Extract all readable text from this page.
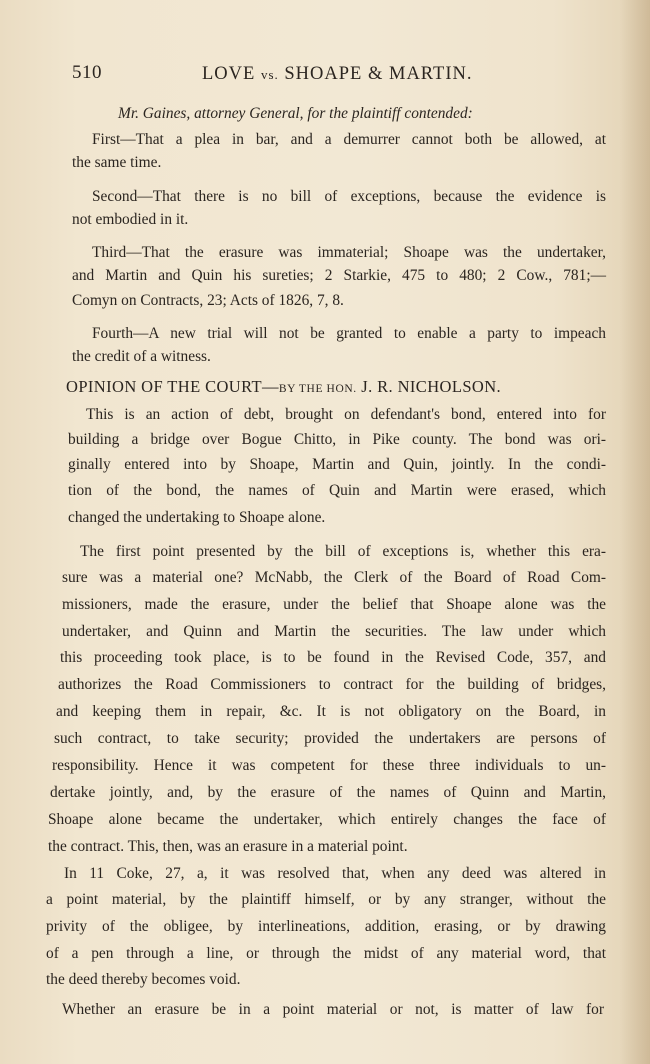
510	LOVE vs. SHOAPE & MARTIN.
Mr. Gaines, attorney General, for the plaintiff contended:
First—That a plea in bar, and a demurrer cannot both be allowed, at
the same time.
Second—That there is no bill of exceptions, because the evidence is
not embodied in it.
Third—That the erasure was immaterial; Shoape was the undertaker,
and Martin and Quin his sureties; 2 Starkie, 475 to 480; 2 Cow., 781;—
Comyn on Contracts, 23; Acts of 1826, 7, 8.
Fourth—A new trial will not be granted to enable a party to impeach
the credit of a witness.
OPINION OF THE COURT—BY THE HON. J. R. NICHOLSON.
This is an action of debt, brought on defendant's bond, entered into for
building a bridge over Bogue Chitto, in Pike county. The bond was ori-
ginally entered into by Shoape, Martin and Quin, jointly. In the condi-
tion of the bond, the names of Quin and Martin were erased, which
changed the undertaking to Shoape alone.
The first point presented by the bill of exceptions is, whether this era-
sure was a material one? McNabb, the Clerk of the Board of Road Com-
missioners, made the erasure, under the belief that Shoape alone was the
undertaker, and Quinn and Martin the securities. The law under which
this proceeding took place, is to be found in the Revised Code, 357, and
authorizes the Road Commissioners to contract for the building of bridges,
and keeping them in repair, &c. It is not obligatory on the Board, in
such contract, to take security; provided the undertakers are persons of
responsibility. Hence it was competent for these three individuals to un-
dertake jointly, and, by the erasure of the names of Quinn and Martin,
Shoape alone became the undertaker, which entirely changes the face of
the contract. This, then, was an erasure in a material point.
In 11 Coke, 27, a, it was resolved that, when any deed was altered in
a point material, by the plaintiff himself, or by any stranger, without the
privity of the obligee, by interlineations, addition, erasing, or by drawing
of a pen through a line, or through the midst of any material word, that
the deed thereby becomes void.
Whether an erasure be in a point material or not, is matter of law for
